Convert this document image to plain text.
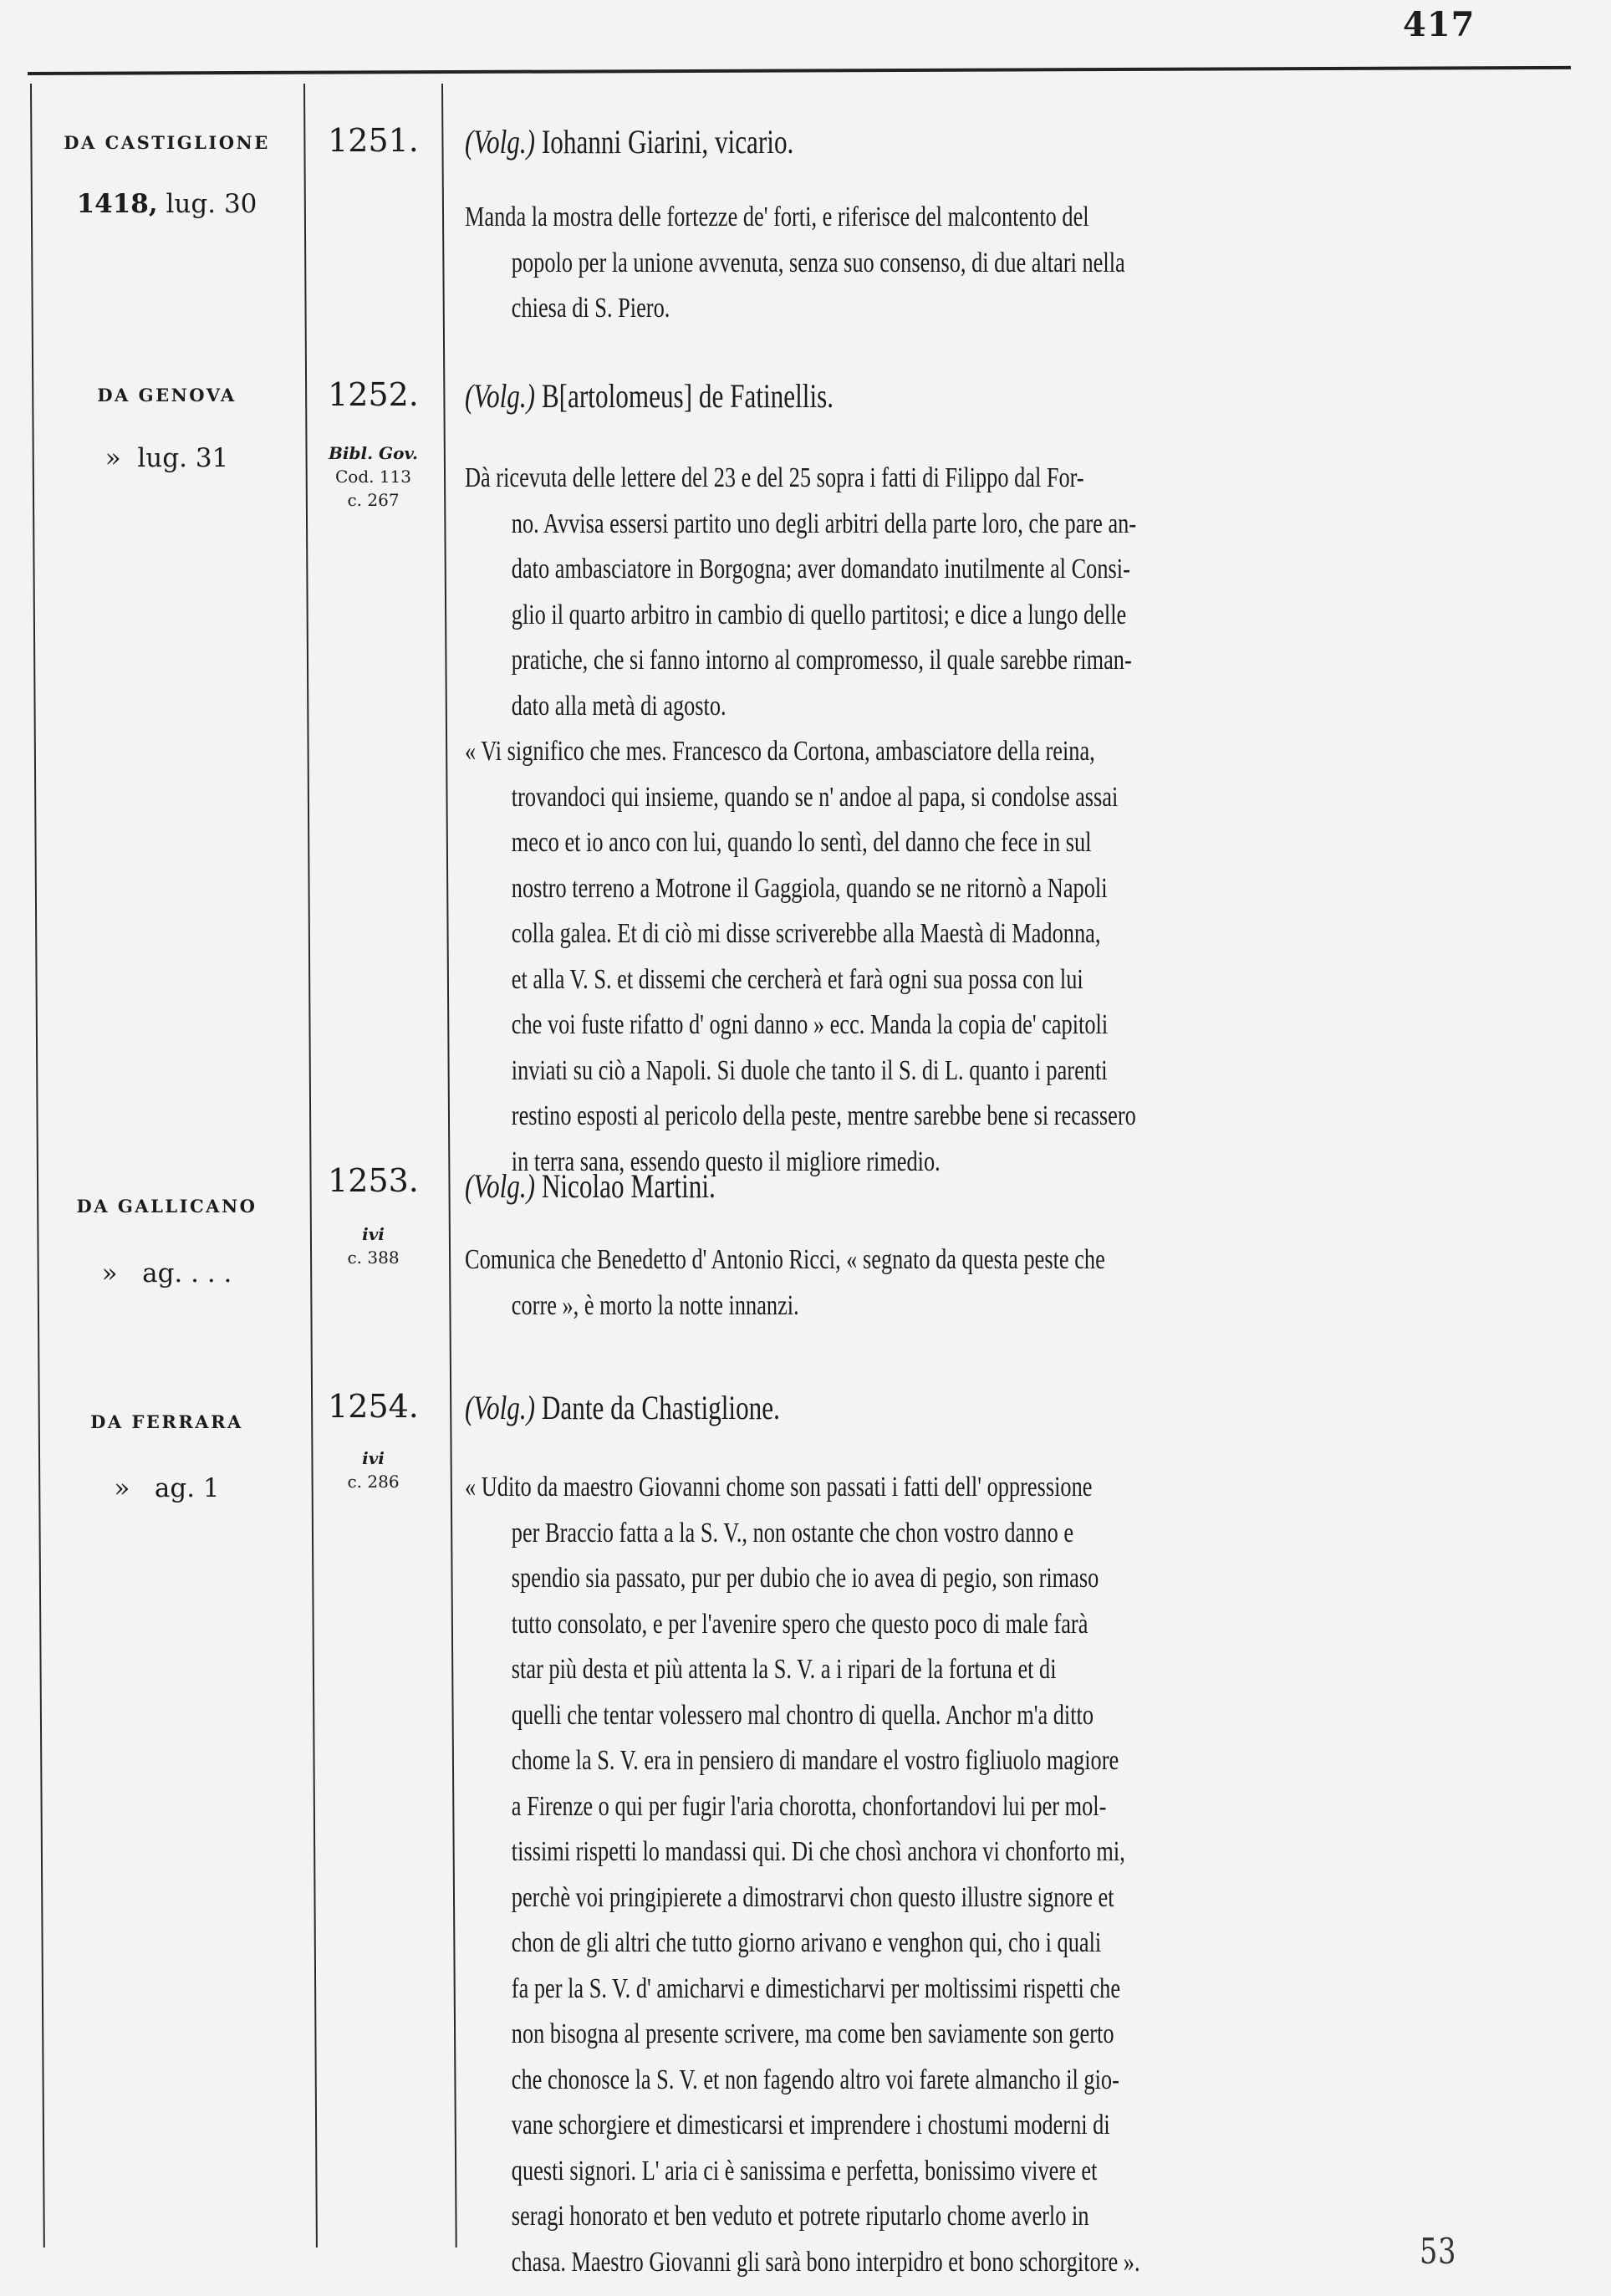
417
DA CASTIGLIONE
1418, lug. 30
1251.	(Volg.) Iohanni Giarini, vicario.
Manda la mostra delle fortezze de' forti, e riferisce del malcontento del
popolo per la unione avvenuta, senza suo consenso, di due altari nella
chiesa di S. Piero.
DA GENOVA
» lug. 31
1252.
Bibl. Gov.
Cod. 113
c. 267
(Volg.) B[artolomeus] de Fatinellis.
Dà ricevuta delle lettere del 23 e del 25 sopra i fatti di Filippo dal For-
no. Avvisa essersi partito uno degli arbitri della parte loro, che pare an-
dato ambasciatore in Borgogna; aver domandato inutilmente al Consi-
glio il quarto arbitro in cambio di quello partitosi; e dice a lungo delle
pratiche, che si fanno intorno al compromesso, il quale sarebbe riman-
dato alla metà di agosto.
« Vi significo che mes. Francesco da Cortona, ambasciatore della reina,
trovandoci qui insieme, quando se n' andoe al papa, si condolse assai
meco et io anco con lui, quando lo sentì, del danno che fece in sul
nostro terreno a Motrone il Gaggiola, quando se ne ritornò a Napoli
colla galea. Et di ciò mi disse scriverebbe alla Maestà di Madonna,
et alla V. S. et dissemi che cercherà et farà ogni sua possa con lui
che voi fuste rifatto d' ogni danno » ecc. Manda la copia de' capitoli
inviati su ciò a Napoli. Si duole che tanto il S. di L. quanto i parenti
restino esposti al pericolo della peste, mentre sarebbe bene si recassero
in terra sana, essendo questo il migliore rimedio.
DA GALLICANO
» ag. . . .
1253.
ivi
c. 388
(Volg.) Nicolao Martini.
Comunica che Benedetto d' Antonio Ricci, « segnato da questa peste che
corre », è morto la notte innanzi.
DA FERRARA
» ag. 1
1254.
ivi
c. 286
(Volg.) Dante da Chastiglione.
« Udito da maestro Giovanni chome son passati i fatti dell' oppressione
per Braccio fatta a la S. V., non ostante che chon vostro danno e
spendio sia passato, pur per dubio che io avea di pegio, son rimaso
tutto consolato, e per l'avenire spero che questo poco di male farà
star più desta et più attenta la S. V. a i ripari de la fortuna et di
quelli che tentar volessero mal chontro di quella. Anchor m'a ditto
chome la S. V. era in pensiero di mandare el vostro figliuolo magiore
a Firenze o qui per fugir l'aria chorotta, chonfortandovi lui per mol-
tissimi rispetti lo mandassi qui. Di che chosì anchora vi chonforto mi,
perchè voi pringipierete a dimostrarvi chon questo illustre signore et
chon de gli altri che tutto giorno arivano e venghon qui, cho i quali
fa per la S. V. d' amicharvi e dimesticharvi per moltissimi rispetti che
non bisogna al presente scrivere, ma come ben saviamente son gerto
che chonosce la S. V. et non fagendo altro voi farete almancho il gio-
vane schorgiere et dimesticarsi et imprendere i chostumi moderni di
questi signori. L' aria ci è sanissima e perfetta, bonissimo vivere et
seragi honorato et ben veduto et potrete riputarlo chome averlo in
chasa. Maestro Giovanni gli sarà bono interpidro et bono schorgitore ».	53
